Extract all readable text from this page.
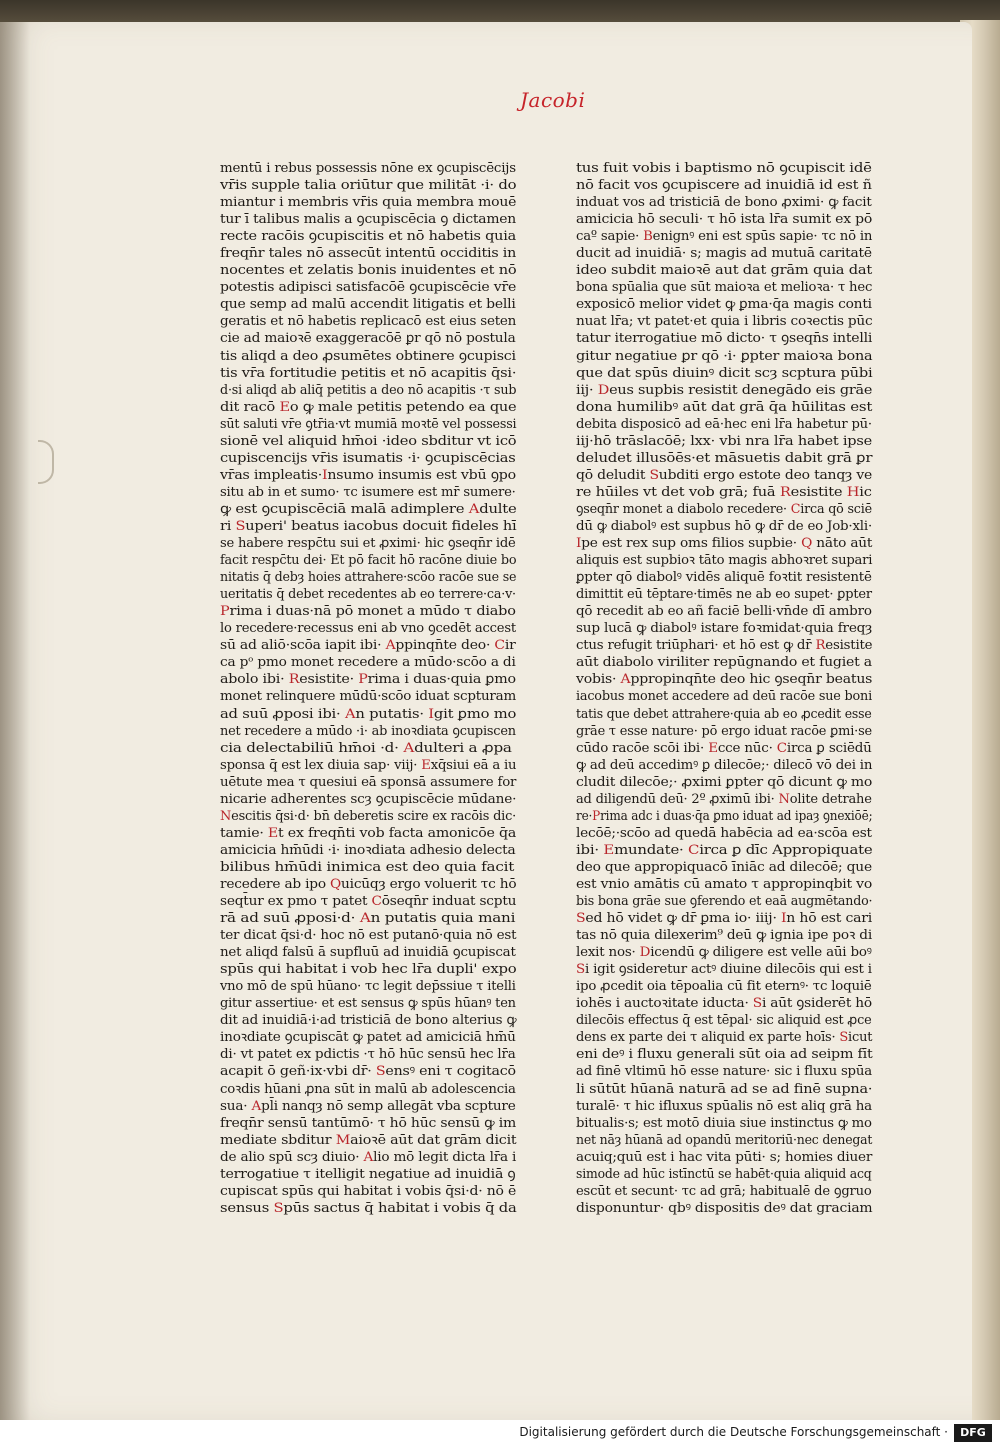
Jacobi
mentū i rebus possessis nōne ex ꝯcupiscēcijs
vr̄is supple talia oriūtur que militāt ·i· do
miantur i membris vr̄is quia membra mouē
tur ī talibus malis a ꝯcupiscēcia ꝯ dictamen
recte racōis ꝯcupiscitis et nō habetis quia
freqn̄r tales nō assecūt intentū occiditis in
nocentes et zelatis bonis inuidentes et nō
potestis adipisci satisfacōē ꝯcupiscēcie vr̄e
que semp ad malū accendit litigatis et belli
geratis et nō habetis replicacō est eius seten
cie ad maioꝛē exaggeracōē ꝑr qō nō postula
tis aliqd a deo ꝓsumētes obtinere ꝯcupisci
tis vr̄a fortitudie petitis et nō acapitis q̄si·
d·si aliqd ab aliq̄ petitis a deo nō acapitis ·τ sub
dit racō Eo ꝙ male petitis petendo ea que
sūt saluti vr̄e ꝯtr̄ia·vt mumiā moꝛtē vel possessi
sionē vel aliquid hm̄oi ·ideo sbditur vt icō
cupiscencijs vr̄is isumatis ·i· ꝯcupiscēcias
vr̄as impleatis·Insumo insumis est vbū ꝯpo
situ ab in et sumo· τc isumere est mr̄ sumere·
ꝙ est ꝯcupiscēciā malā adimplere Adulte
ri Superi' beatus iacobus docuit fideles hī
se habere respc̄tu sui et ꝓximi· hic ꝯseqn̄r idē
facit respc̄tu dei· Et pō facit hō racōne diuie bo
nitatis q̄ debȝ hoies attrahere·scōo racōe sue se
ueritatis q̄ debet recedentes ab eo terrere·ca·v·
Prima i duas·nā pō monet a mūdo τ diabo
lo recedere·recessus eni ab vno ꝯcedēt accest
sū ad aliō·scōa iapit ibi· Appinqn̄te deo· Cir
ca pᵒ pmo monet recedere a mūdo·scōo a di
abolo ibi· Resistite· Prima i duas·quia ꝑmo
monet relinquere mūdū·scōo iduat scpturam
ad suū ꝓposi̇ ibi· An putatis· Igit ꝑmo mo
net recedere a mūdo ·i· ab inoꝛdiata ꝯcupiscen
cia delectabiliū hm̄oi ·d· Adulteri a ꝓpa
sponsa q̄ est lex diuia sap· viij· Exq̄siui eā a iu
uētute mea τ quesiui eā sponsā assumere for
nicarie adherentes scȝ ꝯcupiscēcie mūdane·
Nescitis q̄si·d· bn̄ deberetis scire ex racōis dic·
tamie· Et ex freqn̄ti vob facta amonicōe q̄a
amicicia hm̄ūdi ·i· inoꝛdiata adhesio delecta
bilibus hm̄ūdi inimica est deo quia facit
recedere ab ipo Quicūqȝ ergo voluerit τc hō
seqt̄ur ex pmo τ patet Cōseqn̄r induat scptu
rā ad suū ꝓposi̇·d· An putatis quia mani
ter dicat q̄si·d· hoc nō est putanō·quia nō est
net aliqd falsū ā supfluū ad inuidiā ꝯcupiscat
spūs qui habitat i vob hec lr̄a dupli' expo
vno mō de spū hūano· τc legit dep̄ssiue τ itelli
gitur assertiue· et est sensus ꝙ spūs hūanꝰ ten
dit ad inuidiā·i·ad tristiciā de bono alterius ꝙ
inoꝛdiate ꝯcupiscāt ꝙ patet ad amiciciā hm̄ū
di· vt patet ex pdictis ·τ hō hūc sensū hec lr̄a
acapit ō geñ·ix·vbi dr̄· Sensꝰ eni τ cogitacō
coꝛdis hūani ꝓna sūt in malū ab adolescencia
sua· Apl̄i nanqȝ nō semp allegāt vba scpture
freqn̄r sensū tantūmō· τ hō hūc sensū ꝙ im
mediate sbditur Maioꝛē aūt dat grām dicit
de alio spū scȝ diuio· Alio mō legit dicta lr̄a i
terrogatiue τ itelligit negatiue ad inuidiā ꝯ
cupiscat spūs qui habitat i vobis q̄si·d· nō ē
sensus Spūs sactus q̄ habitat i vobis q̄ da
tus fuit vobis i baptismo nō ꝯcupiscit idē
nō facit vos ꝯcupiscere ad inuidiā id est ñ
induat vos ad tristiciā de bono ꝓximi· ꝙ facit
amicicia hō seculi· τ hō ista lr̄a sumit ex pō
caº sapie· Benignꝰ eni est spūs sapie· τc nō in
ducit ad inuidiā· s; magis ad mutuā caritatē
ideo subdit maioꝛē aut dat grām quia dat
bona spūalia que sūt maioꝛa et melioꝛa· τ hec
exposicō melior videt ꝙ ꝑma·q̄a magis conti
nuat lr̄a; vt patet·et quia i libris coꝛectis pūc
tatur iterrogatiue mō dicto· τ ꝯseqn̄s intelli
gitur negatiue ꝑr qō ·i· ꝑpter maioꝛa bona
que dat spūs diuinꝰ dicit scȝ scptura pūbi
iij· Deus supbis resistit denegādo eis grāe
dona humilibꝰ aūt dat grā q̄a hūilitas est
debita disposicō ad eā·hec eni lr̄a habetur pū·
iij·hō trāslacōē; lxx· vbi nra lr̄a habet ipse
deludet illusōēs·et māsuetis dabit grā ꝑr
qō deludit Subditi ergo estote deo tanqȝ ve
re hūiles vt det vob grā; fuā Resistite Hic
ꝯseqn̄r monet a diabolo recedere· Circa qō sciē
dū ꝙ diabolꝰ est supbus hō ꝙ dr̄ de eo Job·xli·
Ipe est rex sup oms filios supbie· Q nāto aūt
aliquis est supbioꝛ tāto magis abhoꝛret supari
ꝑpter qō diabolꝰ vidēs aliquē foꝛtit resistentē
dimittit eū tēptare·timēs ne ab eo supet· ꝑpter
qō recedit ab eo añ faciē belli·vn̄de dī ambro
sup lucā ꝙ diabolꝰ istare foꝛmidat·quia freqȝ
ctus refugit triūphari· et hō est ꝙ dr̄ Resistite
aūt diabolo viriliter repūgnando et fugiet a
vobis· Appropinqn̄te deo hic ꝯseqn̄r beatus
iacobus monet accedere ad deū racōe sue boni
tatis que debet attrahere·quia ab eo ꝓcedit esse
grāe τ esse nature· pō ergo iduat racōe ꝑmi·se
cūdo racōe scōi ibi· Ecce nūc· Circa ꝑ sciēdū
ꝙ ad deū accedimꝰ ꝑ dilecōe;· dilecō vō dei in
cludit dilecōe;· ꝓximi ꝑpter qō dicunt ꝙ mo
ad diligendū deū· 2º ꝓximū ibi· Nolite detrahe
re·Prima adc i duas·q̄a ꝑmo iduat ad ipaȝ ꝯnexiōē;
lecōē;·scōo ad quedā habēcia ad ea·scōa est
ibi· Emundate· Circa ꝑ dīc Appropiquate
deo que appropiquacō īniāc ad dilecōē; que
est vnio amātis cū amato τ appropinqbit vo
bis bona grāe sue ꝯferendo et eaā augmētando·
Sed hō videt ꝙ dr̄ ꝑma io· iiij· In hō est cari
tas nō quia dilexerim⁹ deū ꝙ ignia ipe poꝛ di
lexit nos· Dicendū ꝙ diligere est velle aūi boꝰ
Si igit ꝯsideretur actꝰ diuine dilecōis qui est i
ipo ꝓcedit oia tēpoalia cū fit eternꝰ· τc loquiē
iohēs i auctoꝛitate iducta· Si aūt ꝯsiderēt hō
dilecōis effectus q̄ est tēpal· sic aliquid est ꝓce
dens ex parte dei τ aliquid ex parte hoīs· Sicut
eni deꝰ i fluxu generali sūt oia ad seipm fīt
ad finē vltimū hō esse nature· sic i fluxu spūa
li sūtūt hūanā naturā ad se ad finē supna·
turalē· τ hic ifluxus spūalis nō est aliq grā ha
bitualis·s; est motō diuia siue instinctus ꝙ mo
net nāȝ hūanā ad opandū meritoriū·nec denegat
acuiq;quū est i hac vita pūti· s; homies diuer
simode ad hūc istīnctū se habēt·quia aliquid acq
escūt et secunt· τc ad grā; habitualē de ꝯgruo
disponuntur· qbꝰ dispositis deꝰ dat graciam
Digitalisierung gefördert durch die Deutsche Forschungsgemeinschaft ·	DFG
